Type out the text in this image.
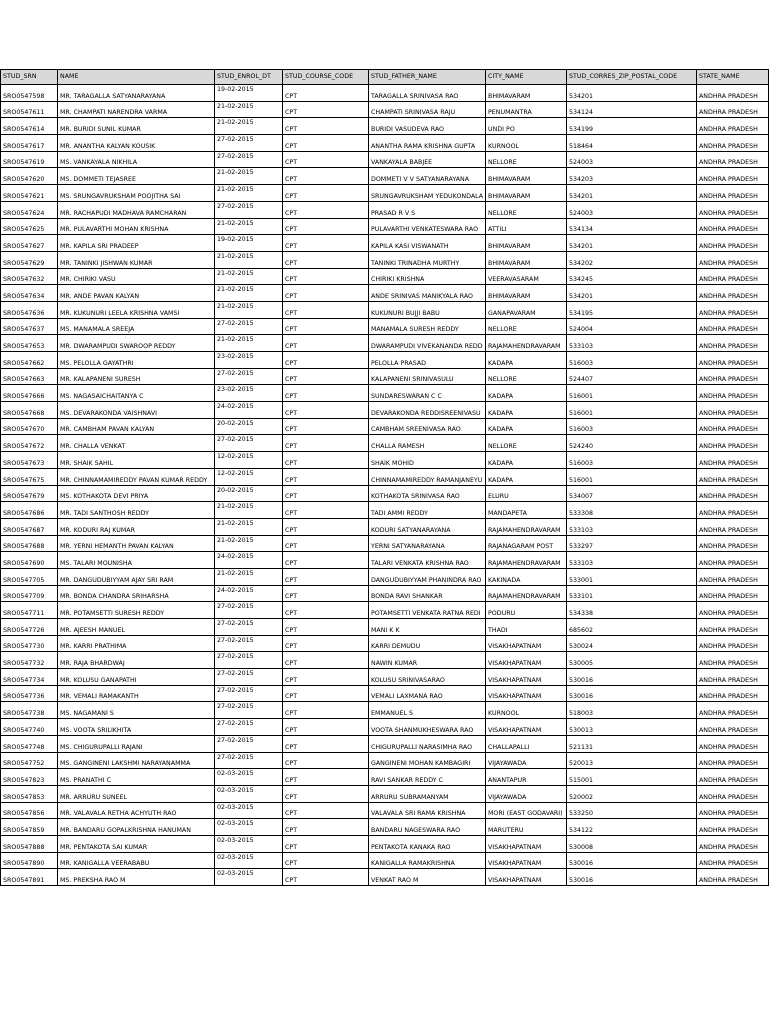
STUD_SRN	NAME	STUD_ENROL_DT	STUD_COURSE_CODE	STUD_FATHER_NAME	CITY_NAME	STUD_CORRES_ZIP_POSTAL_CODE	STATE_NAME
SRO0547598	MR. TARAGALLA SATYANARAYANA	19-02-2015	CPT	TARAGALLA SRINIVASA RAO	BHIMAVARAM	534201	ANDHRA PRADESH
SRO0547611	MR. CHAMPATI NARENDRA VARMA	21-02-2015	CPT	CHAMPATI SRINIVASA RAJU	PENUMANTRA	534124	ANDHRA PRADESH
SRO0547614	MR. BURIDI SUNIL KUMAR	21-02-2015	CPT	BURIDI VASUDEVA RAO	UNDI PO	534199	ANDHRA PRADESH
SRO0547617	MR. ANANTHA KALYAN KOUSIK	27-02-2015	CPT	ANANTHA RAMA KRISHNA GUPTA	KURNOOL	518464	ANDHRA PRADESH
SRO0547619	MS. VANKAYALA NIKHILA	27-02-2015	CPT	VANKAYALA BABJEE	NELLORE	524003	ANDHRA PRADESH
SRO0547620	MS. DOMMETI TEJASREE	21-02-2015	CPT	DOMMETI V V SATYANARAYANA	BHIMAVARAM	534203	ANDHRA PRADESH
SRO0547621	MS. SRUNGAVRUKSHAM POOJITHA SAI	21-02-2015	CPT	SRUNGAVRUKSHAM YEDUKONDALA	BHIMAVARAM	534201	ANDHRA PRADESH
SRO0547624	MR. RACHAPUDI MADHAVA RAMCHARAN	27-02-2015	CPT	PRASAD R V S	NELLORE	524003	ANDHRA PRADESH
SRO0547625	MR. PULAVARTHI MOHAN KRISHNA	21-02-2015	CPT	PULAVARTHI VENKATESWARA RAO	ATTILI	534134	ANDHRA PRADESH
SRO0547627	MR. KAPILA SRI PRADEEP	19-02-2015	CPT	KAPILA KASI VISWANATH	BHIMAVARAM	534201	ANDHRA PRADESH
SRO0547629	MR. TANINKI JISHWAN KUMAR	21-02-2015	CPT	TANINKI TRINADHA MURTHY	BHIMAVARAM	534202	ANDHRA PRADESH
SRO0547632	MR. CHIRIKI VASU	21-02-2015	CPT	CHIRIKI KRISHNA	VEERAVASARAM	534245	ANDHRA PRADESH
SRO0547634	MR. ANDE PAVAN KALYAN	21-02-2015	CPT	ANDE SRINIVAS MANIKYALA RAO	BHIMAVARAM	534201	ANDHRA PRADESH
SRO0547636	MR. KUKUNURI LEELA KRISHNA VAMSI	21-02-2015	CPT	KUKUNURI BUJJI BABU	GANAPAVARAM	534195	ANDHRA PRADESH
SRO0547637	MS. MANAMALA SREEJA	27-02-2015	CPT	MANAMALA SURESH REDDY	NELLORE	524004	ANDHRA PRADESH
SRO0547653	MR. DWARAMPUDI SWAROOP REDDY	21-02-2015	CPT	DWARAMPUDI VIVEKANANDA REDD	RAJAMAHENDRAVARAM	533103	ANDHRA PRADESH
SRO0547662	MS. PELOLLA GAYATHRI	23-02-2015	CPT	PELOLLA PRASAD	KADAPA	516003	ANDHRA PRADESH
SRO0547663	MR. KALAPANENI SURESH	27-02-2015	CPT	KALAPANENI SRINIVASULU	NELLORE	524407	ANDHRA PRADESH
SRO0547666	MS. NAGASAICHAITANYA C	23-02-2015	CPT	SUNDARESWARAN C C	KADAPA	516001	ANDHRA PRADESH
SRO0547668	MS. DEVARAKONDA VAISHNAVI	24-02-2015	CPT	DEVARAKONDA REDDISREENIVASU	KADAPA	516001	ANDHRA PRADESH
SRO0547670	MR. CAMBHAM PAVAN KALYAN	20-02-2015	CPT	CAMBHAM SREENIVASA RAO	KADAPA	516003	ANDHRA PRADESH
SRO0547672	MR. CHALLA VENKAT	27-02-2015	CPT	CHALLA RAMESH	NELLORE	524240	ANDHRA PRADESH
SRO0547673	MR. SHAIK SAHIL	12-02-2015	CPT	SHAIK MOHID	KADAPA	516003	ANDHRA PRADESH
SRO0547675	MR. CHINNAMAMIREDDY PAVAN KUMAR REDDY	12-02-2015	CPT	CHINNAMAMIREDDY RAMANJANEYU	KADAPA	516001	ANDHRA PRADESH
SRO0547679	MS. KOTHAKOTA DEVI PRIYA	20-02-2015	CPT	KOTHAKOTA SRINIVASA RAO	ELURU	534007	ANDHRA PRADESH
SRO0547686	MR. TADI SANTHOSH REDDY	21-02-2015	CPT	TADI AMMI REDDY	MANDAPETA	533308	ANDHRA PRADESH
SRO0547687	MR. KODURI RAJ KUMAR	21-02-2015	CPT	KODURI SATYANARAYANA	RAJAMAHENDRAVARAM	533103	ANDHRA PRADESH
SRO0547688	MR. YERNI HEMANTH PAVAN KALYAN	21-02-2015	CPT	YERNI SATYANARAYANA	RAJANAGARAM POST	533297	ANDHRA PRADESH
SRO0547690	MS. TALARI MOUNISHA	24-02-2015	CPT	TALARI VENKATA KRISHNA RAO	RAJAMAHENDRAVARAM	533103	ANDHRA PRADESH
SRO0547705	MR. DANGUDUBIYYAM AJAY SRI RAM	21-02-2015	CPT	DANGUDUBIYYAM PHANINDRA RAO	KAKINADA	533001	ANDHRA PRADESH
SRO0547709	MR. BONDA CHANDRA SRIHARSHA	24-02-2015	CPT	BONDA RAVI SHANKAR	RAJAMAHENDRAVARAM	533101	ANDHRA PRADESH
SRO0547711	MR. POTAMSETTI SURESH REDDY	27-02-2015	CPT	POTAMSETTI VENKATA RATNA REDI	PODURU	534338	ANDHRA PRADESH
SRO0547726	MR. AJEESH MANUEL	27-02-2015	CPT	MANI K K	THADI	685602	ANDHRA PRADESH
SRO0547730	MR. KARRI PRATHIMA	27-02-2015	CPT	KARRI DEMUDU	VISAKHAPATNAM	530024	ANDHRA PRADESH
SRO0547732	MR. RAJA BHARDWAJ	27-02-2015	CPT	NAWIN KUMAR	VISAKHAPATNAM	530005	ANDHRA PRADESH
SRO0547734	MR. KOLUSU GANAPATHI	27-02-2015	CPT	KOLUSU SRINIVASARAO	VISAKHAPATNAM	530016	ANDHRA PRADESH
SRO0547736	MR. VEMALI RAMAKANTH	27-02-2015	CPT	VEMALI LAXMANA RAO	VISAKHAPATNAM	530016	ANDHRA PRADESH
SRO0547738	MS. NAGAMANI S	27-02-2015	CPT	EMMANUEL S	KURNOOL	518003	ANDHRA PRADESH
SRO0547740	MS. VOOTA SRILIKHITA	27-02-2015	CPT	VOOTA SHANMUKHESWARA RAO	VISAKHAPATNAM	530013	ANDHRA PRADESH
SRO0547748	MS. CHIGURUPALLI RAJANI	27-02-2015	CPT	CHIGURUPALLI NARASIMHA RAO	CHALLAPALLI	521131	ANDHRA PRADESH
SRO0547752	MS. GANGINENI LAKSHMI NARAYANAMMA	27-02-2015	CPT	GANGINENI MOHAN KAMBAGIRI	VIJAYAWADA	520013	ANDHRA PRADESH
SRO0547823	MS. PRANATHI C	02-03-2015	CPT	RAVI SANKAR REDDY C	ANANTAPUR	515001	ANDHRA PRADESH
SRO0547853	MR. ARRURU SUNEEL	02-03-2015	CPT	ARRURU SUBRAMANYAM	VIJAYAWADA	520002	ANDHRA PRADESH
SRO0547856	MR. VALAVALA RETHA ACHYUTH RAO	02-03-2015	CPT	VALAVALA SRI RAMA KRISHNA	MORI (EAST GODAVARI)	533250	ANDHRA PRADESH
SRO0547859	MR. BANDARU GOPALKRISHNA HANUMAN	02-03-2015	CPT	BANDARU NAGESWARA RAO	MARUTERU	534122	ANDHRA PRADESH
SRO0547888	MR. PENTAKOTA SAI KUMAR	02-03-2015	CPT	PENTAKOTA KANAKA RAO	VISAKHAPATNAM	530008	ANDHRA PRADESH
SRO0547890	MR. KANIGALLA VEERABABU	02-03-2015	CPT	KANIGALLA RAMAKRISHNA	VISAKHAPATNAM	530016	ANDHRA PRADESH
SRO0547891	MS. PREKSHA RAO M	02-03-2015	CPT	VENKAT RAO M	VISAKHAPATNAM	530016	ANDHRA PRADESH
